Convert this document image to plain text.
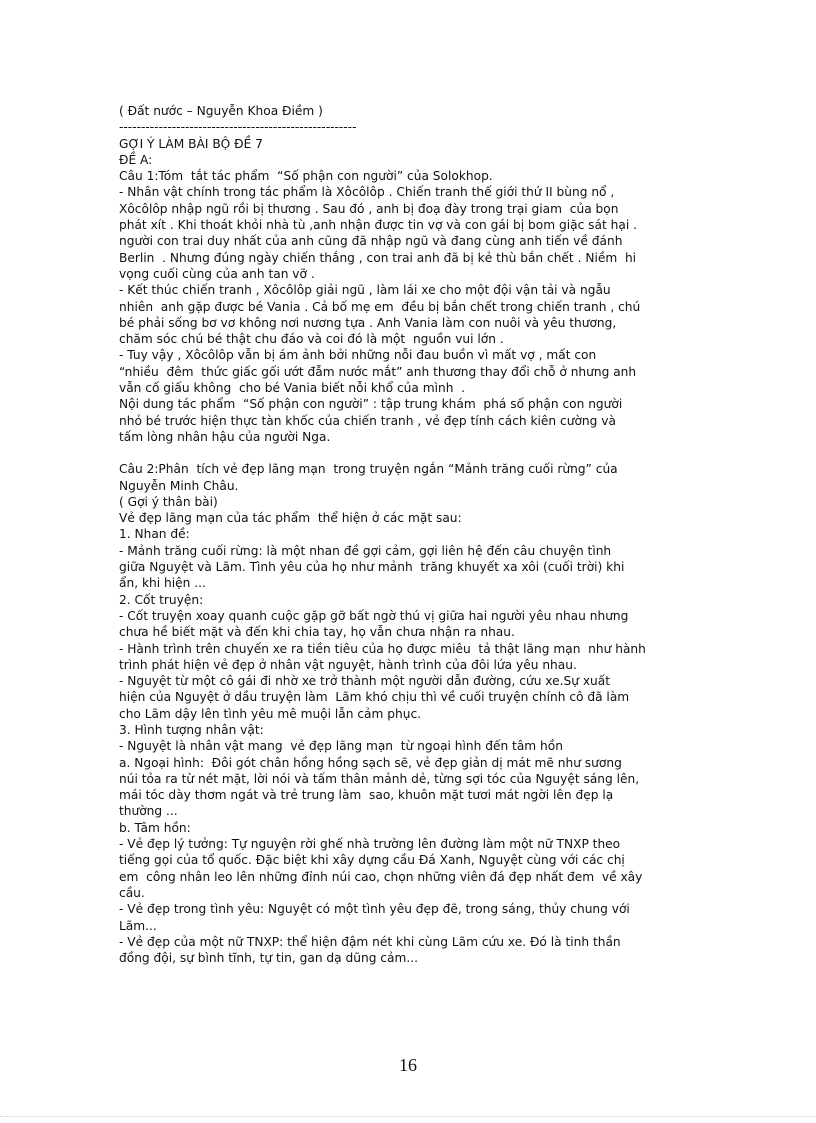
( Đất nước – Nguyễn Khoa Điềm )
------------------------------------------------------
GỢI Ý LÀM BÀI BỘ ĐỀ 7
ĐỀ A:
Câu 1:Tóm  tắt tác phẩm  “Số phận con người” của Solokhop.
- Nhân vật chính trong tác phẩm là Xôcôlôp . Chiến tranh thế giới thứ II bùng nổ ,
Xôcôlôp nhập ngũ rồi bị thương . Sau đó , anh bị đoạ đày trong trại giam  của bọn
phát xít . Khi thoát khỏi nhà tù ,anh nhận được tin vợ và con gái bị bom giặc sát hại .
người con trai duy nhất của anh cũng đã nhập ngũ và đang cùng anh tiến về đánh
Berlin  . Nhưng đúng ngày chiến thắng , con trai anh đã bị kẻ thù bắn chết . Niềm  hi
vọng cuối cùng của anh tan vỡ .
- Kết thúc chiến tranh , Xôcôlôp giải ngũ , làm lái xe cho một đội vận tải và ngẫu
nhiên  anh gặp được bé Vania . Cả bố mẹ em  đều bị bắn chết trong chiến tranh , chú
bé phải sống bơ vơ không nơi nương tựa . Anh Vania làm con nuôi và yêu thương,
chăm sóc chú bé thật chu đáo và coi đó là một  nguồn vui lớn .
- Tuy vậy , Xôcôlôp vẫn bị ám ảnh bởi những nỗi đau buồn vì mất vợ , mất con
“nhiều  đêm  thức giấc gối ướt đẫm nước mắt” anh thương thay đổi chỗ ở nhưng anh
vẫn cố giấu không  cho bé Vania biết nỗi khổ của mình  .
Nội dung tác phẩm  “Số phận con người” : tập trung khám  phá số phận con người
nhỏ bé trước hiện thực tàn khốc của chiến tranh , vẻ đẹp tính cách kiên cường và
tấm lòng nhân hậu của người Nga.
Câu 2:Phân  tích vẻ đẹp lãng mạn  trong truyện ngắn “Mảnh trăng cuối rừng” của
Nguyễn Minh Châu.
( Gợi ý thân bài)
Vẻ đẹp lãng mạn của tác phẩm  thể hiện ở các mặt sau:
1. Nhan đề:
- Mảnh trăng cuối rừng: là một nhan đề gợi cảm, gợi liên hệ đến câu chuyện tình
giữa Nguyệt và Lãm. Tình yêu của họ như mảnh  trăng khuyết xa xôi (cuối trời) khi
ẩn, khi hiện ...
2. Cốt truyện:
- Cốt truyện xoay quanh cuộc gặp gỡ bất ngờ thú vị giữa hai người yêu nhau nhưng
chưa hề biết mặt và đến khi chia tay, họ vẫn chưa nhận ra nhau.
- Hành trình trên chuyến xe ra tiền tiêu của họ được miêu  tả thật lãng mạn  như hành
trình phát hiện vẻ đẹp ở nhân vật nguyệt, hành trình của đôi lứa yêu nhau.
- Nguyệt từ một cô gái đi nhờ xe trở thành một người dẫn đường, cứu xe.Sự xuất
hiện của Nguyệt ở dầu truyện làm  Lãm khó chịu thì về cuối truyện chính cô đã làm
cho Lãm dậy lên tình yêu mê muội lẫn cảm phục.
3. Hình tượng nhân vật:
- Nguyệt là nhân vật mang  vẻ đẹp lãng mạn  từ ngoại hình đến tâm hồn
a. Ngoại hình:  Đôi gót chân hồng hồng sạch sẽ, vẻ đẹp giản dị mát mẽ như sương
núi tỏa ra từ nét mặt, lời nói và tấm thân mảnh dẻ, từng sợi tóc của Nguyệt sáng lên,
mái tóc dày thơm ngát và trẻ trung làm  sao, khuôn mặt tươi mát ngời lên đẹp lạ
thường ...
b. Tâm hồn:
- Vẻ đẹp lý tưởng: Tự nguyện rời ghế nhà trường lên đường làm một nữ TNXP theo
tiếng gọi của tổ quốc. Đặc biệt khi xây dựng cầu Đá Xanh, Nguyệt cùng với các chị
em  công nhân leo lên những đỉnh núi cao, chọn những viên đá đẹp nhất đem  về xây
cầu.
- Vẻ đẹp trong tình yêu: Nguyệt có một tình yêu đẹp đẽ, trong sáng, thủy chung với
Lãm...
- Vẻ đẹp của một nữ TNXP: thể hiện đậm nét khi cùng Lãm cứu xe. Đó là tinh thần
đồng đội, sự bình tĩnh, tự tin, gan dạ dũng cảm...
16
